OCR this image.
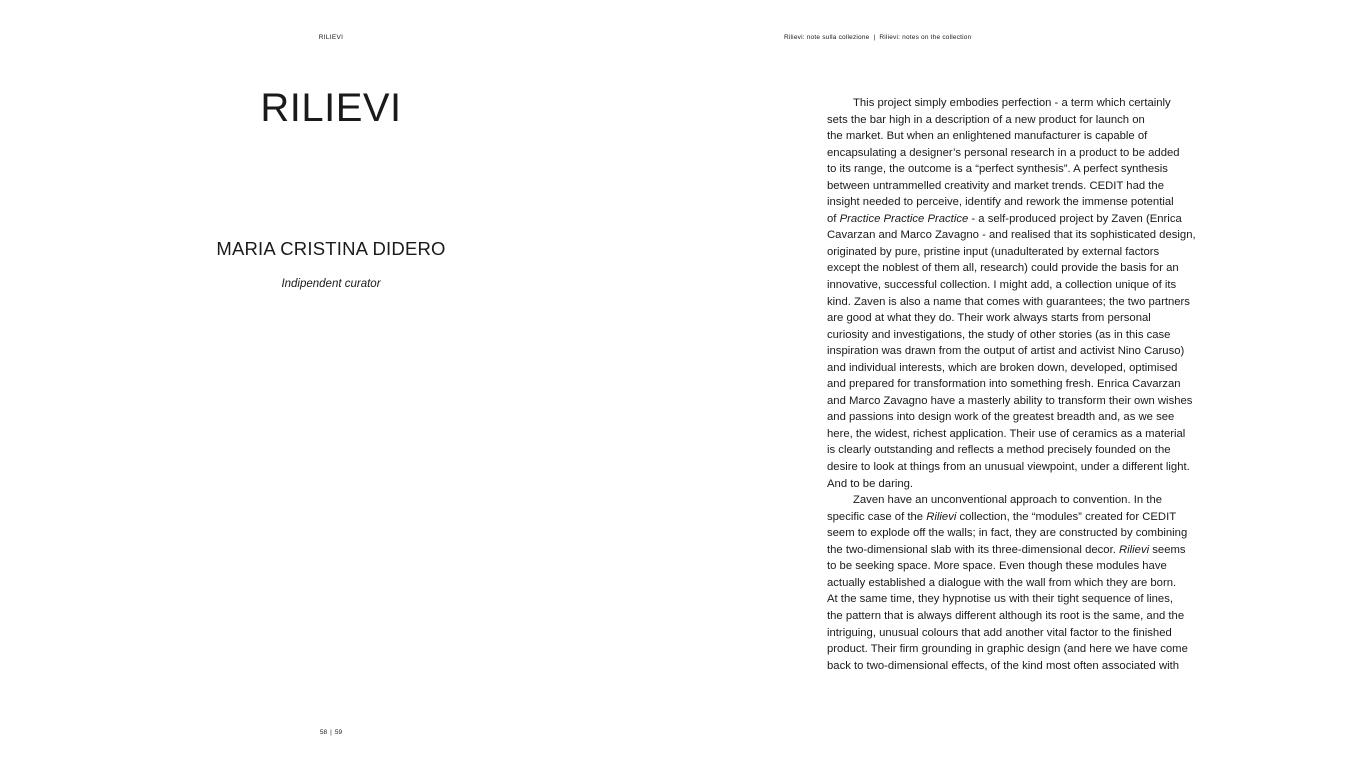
RILIEVI	Rilievi: note sulla collezione | Rilievi: notes on the collection
RILIEVI
MARIA CRISTINA DIDERO
Indipendent curator
58 | 59
This project simply embodies perfection - a term which certainly
sets the bar high in a description of a new product for launch on
the market. But when an enlightened manufacturer is capable of
encapsulating a designer’s personal research in a product to be added
to its range, the outcome is a “perfect synthesis”. A perfect synthesis
between untrammelled creativity and market trends. CEDIT had the
insight needed to perceive, identify and rework the immense potential
of Practice Practice Practice - a self-produced project by Zaven (Enrica
Cavarzan and Marco Zavagno - and realised that its sophisticated design,
originated by pure, pristine input (unadulterated by external factors
except the noblest of them all, research) could provide the basis for an
innovative, successful collection. I might add, a collection unique of its
kind. Zaven is also a name that comes with guarantees; the two partners
are good at what they do. Their work always starts from personal
curiosity and investigations, the study of other stories (as in this case
inspiration was drawn from the output of artist and activist Nino Caruso)
and individual interests, which are broken down, developed, optimised
and prepared for transformation into something fresh. Enrica Cavarzan
and Marco Zavagno have a masterly ability to transform their own wishes
and passions into design work of the greatest breadth and, as we see
here, the widest, richest application. Their use of ceramics as a material
is clearly outstanding and reflects a method precisely founded on the
desire to look at things from an unusual viewpoint, under a different light.
And to be daring.
Zaven have an unconventional approach to convention. In the
specific case of the Rilievi collection, the “modules” created for CEDIT
seem to explode off the walls; in fact, they are constructed by combining
the two-dimensional slab with its three-dimensional decor. Rilievi seems
to be seeking space. More space. Even though these modules have
actually established a dialogue with the wall from which they are born.
At the same time, they hypnotise us with their tight sequence of lines,
the pattern that is always different although its root is the same, and the
intriguing, unusual colours that add another vital factor to the finished
product. Their firm grounding in graphic design (and here we have come
back to two-dimensional effects, of the kind most often associated with
